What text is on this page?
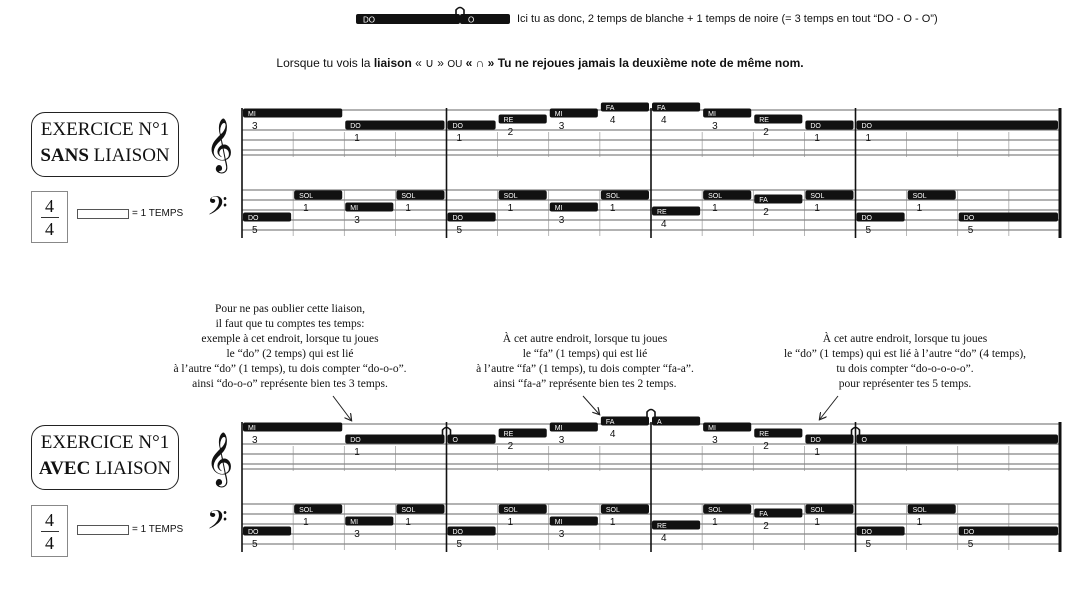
DO	O	Ici tu as donc, 2 temps de blanche + 1 temps de noire (= 3 temps en tout “DO - O - O”)
Lorsque tu vois la liaison « ∪ » OU « ∩ » Tu ne rejoues jamais la deuxième note de même nom.
EXERCICE N°1
SANS LIAISON
4
4
= 1 TEMPS
EXERCICE N°1
AVEC LIAISON
4
4
= 1 TEMPS
Pour ne pas oublier cette liaison,
il faut que tu comptes tes temps:
exemple à cet endroit, lorsque tu joues
le “do” (2 temps) qui est lié
à l’autre “do” (1 temps), tu dois compter “do-o-o”.
ainsi “do-o-o” représente bien tes 3 temps.
À cet autre endroit, lorsque tu joues
le “fa” (1 temps) qui est lié
à l’autre “fa” (1 temps), tu dois compter “fa-a”.
ainsi “fa-a” représente bien tes 2 temps.
À cet autre endroit, lorsque tu joues
le “do” (1 temps) qui est lié à l’autre “do” (4 temps),
tu dois compter “do-o-o-o-o”.
pour représenter tes 5 temps.
𝄞
𝄢
MI
3	DO
1
DO
1
RE
2
MI
3
FA
4
FA
4
MI
3
RE
2
DO
1
DO
1
DO
5
SOL
1	MI
3
SOL
1
DO
5
SOL
1	MI
3
SOL
1	RE
4
SOL
1
FA
2
SOL
1
DO
5
SOL
1
DO
5
𝄞
𝄢
MI
3	DO
1
O
RE
2
MI
3
FA
4
A
MI
3
RE
2
DO
1
O
DO
5
SOL
1	MI
3
SOL
1
DO
5
SOL
1	MI
3
SOL
1	RE
4
SOL
1
FA
2
SOL
1
DO
5
SOL
1
DO
5
